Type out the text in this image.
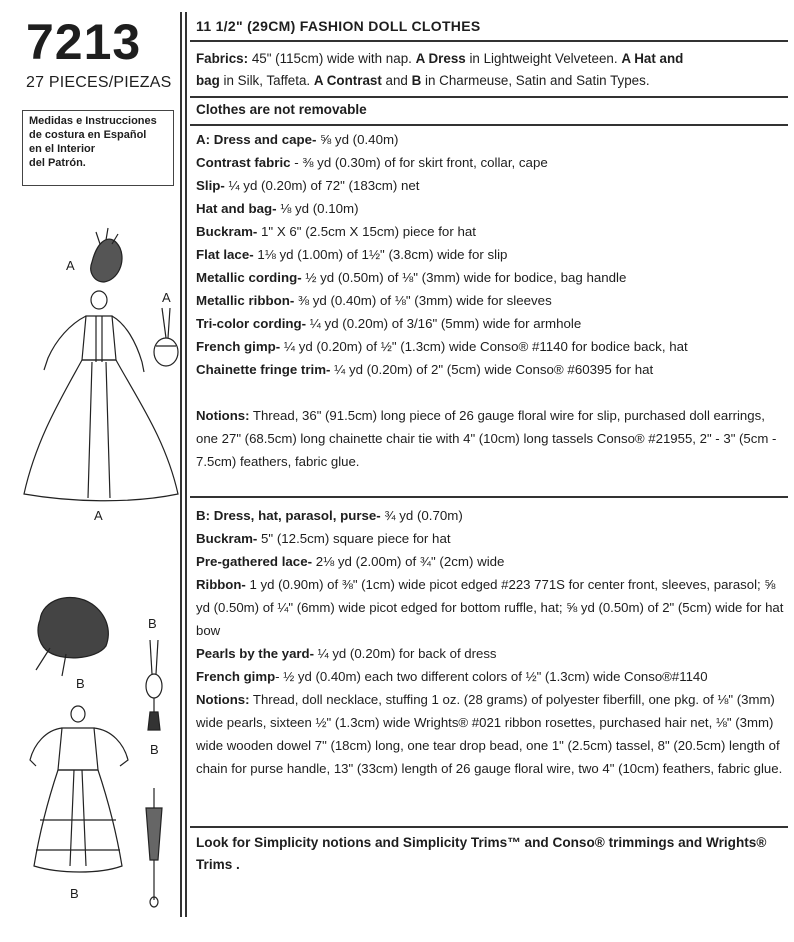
7213
27 PIECES/PIEZAS
Medidas e Instrucciones
de costura en Español
en el Interior
del Patrón.
A
A
A
B
B
B
B
11 1/2" (29CM) FASHION DOLL CLOTHES
Fabrics: 45" (115cm) wide with nap. A Dress in Lightweight Velveteen. A Hat and
bag in Silk, Taffeta. A Contrast and B in Charmeuse, Satin and Satin Types.
Clothes are not removable
A: Dress and cape- ⅝ yd (0.40m)
Contrast fabric - ⅜ yd (0.30m) of for skirt front, collar, cape
Slip- ¼ yd (0.20m) of 72" (183cm) net
Hat and bag- ⅛ yd (0.10m)
Buckram- 1" X 6" (2.5cm X 15cm) piece for hat
Flat lace- 1⅛ yd (1.00m) of 1½" (3.8cm) wide for slip
Metallic cording- ½ yd (0.50m) of ⅛" (3mm) wide for bodice, bag handle
Metallic ribbon- ⅜ yd (0.40m) of ⅛" (3mm) wide for sleeves
Tri-color cording- ¼ yd (0.20m) of 3/16" (5mm) wide for armhole
French gimp- ¼ yd (0.20m) of ½" (1.3cm) wide Conso® #1140 for bodice back, hat
Chainette fringe trim- ¼ yd (0.20m) of 2" (5cm) wide Conso® #60395 for hat
Notions: Thread, 36" (91.5cm) long piece of 26 gauge floral wire for slip, purchased doll earrings, one 27" (68.5cm) long chainette chair tie with 4" (10cm) long tassels Conso® #21955, 2" - 3" (5cm - 7.5cm) feathers, fabric glue.
B: Dress, hat, parasol, purse- ¾ yd (0.70m)
Buckram- 5" (12.5cm) square piece for hat
Pre-gathered lace- 2⅛ yd (2.00m) of ¾" (2cm) wide
Ribbon- 1 yd (0.90m) of ⅜" (1cm) wide picot edged #223 771S for center front, sleeves, parasol; ⅝ yd (0.50m) of ¼" (6mm) wide picot edged for bottom ruffle, hat; ⅝ yd (0.50m) of 2" (5cm) wide for hat bow
Pearls by the yard- ¼ yd (0.20m) for back of dress
French gimp- ½ yd (0.40m) each two different colors of ½" (1.3cm) wide Conso®#1140
Notions: Thread, doll necklace, stuffing 1 oz. (28 grams) of polyester fiberfill, one pkg. of ⅛" (3mm) wide pearls, sixteen ½" (1.3cm) wide Wrights® #021 ribbon rosettes, purchased hair net, ⅛" (3mm) wide wooden dowel 7" (18cm) long, one tear drop bead, one 1" (2.5cm) tassel, 8" (20.5cm) length of chain for purse handle, 13" (33cm) length of 26 gauge floral wire, two 4" (10cm) feathers, fabric glue.
Look for Simplicity notions and Simplicity Trims™ and Conso® trimmings and Wrights® Trims .
